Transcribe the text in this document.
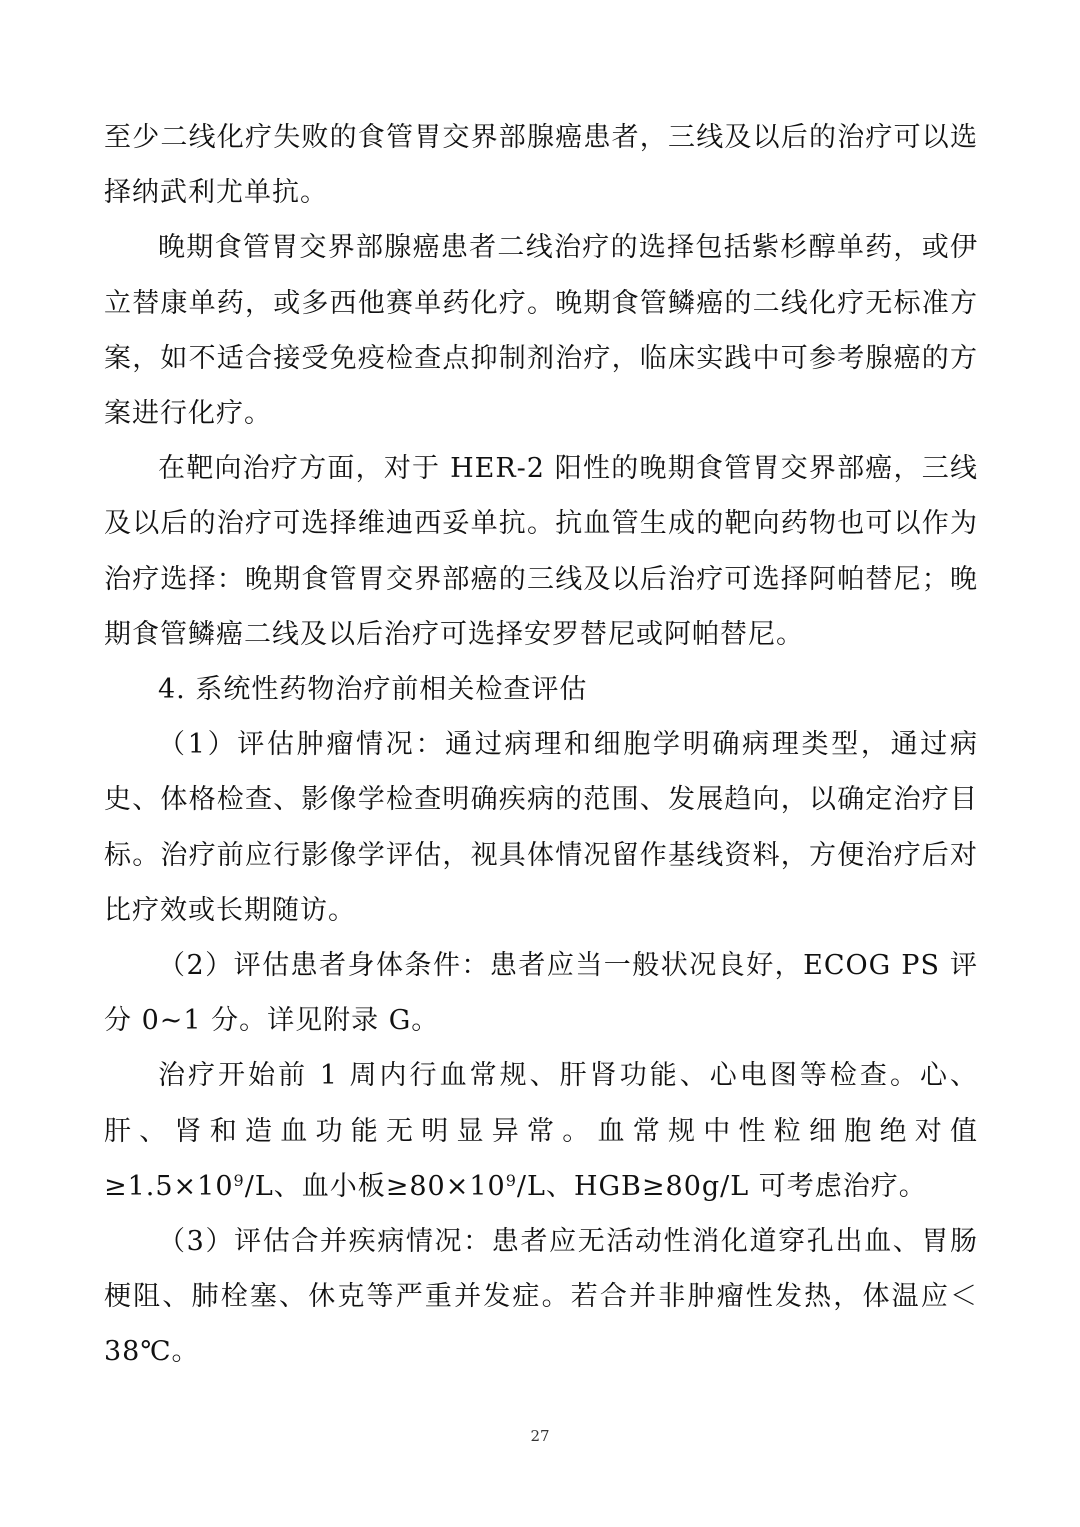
至少二线化疗失败的食管胃交界部腺癌患者，三线及以后的治疗可以选择纳武利尤单抗。

晚期食管胃交界部腺癌患者二线治疗的选择包括紫杉醇单药，或伊立替康单药，或多西他赛单药化疗。晚期食管鳞癌的二线化疗无标准方案，如不适合接受免疫检查点抑制剂治疗，临床实践中可参考腺癌的方案进行化疗。

在靶向治疗方面，对于 HER-2 阳性的晚期食管胃交界部癌，三线及以后的治疗可选择维迪西妥单抗。抗血管生成的靶向药物也可以作为治疗选择：晚期食管胃交界部癌的三线及以后治疗可选择阿帕替尼；晚期食管鳞癌二线及以后治疗可选择安罗替尼或阿帕替尼。

4. 系统性药物治疗前相关检查评估

（1）评估肿瘤情况：通过病理和细胞学明确病理类型，通过病史、体格检查、影像学检查明确疾病的范围、发展趋向，以确定治疗目标。治疗前应行影像学评估，视具体情况留作基线资料，方便治疗后对比疗效或长期随访。

（2）评估患者身体条件：患者应当一般状况良好，ECOG PS 评分 0~1 分。详见附录 G。

治疗开始前 1 周内行血常规、肝肾功能、心电图等检查。心、肝、肾和造血功能无明显异常。血常规中性粒细胞绝对值$\ge 1.5\times 10^9/L$、血小板$\ge 80\times 10^9/L$、HGB≥80g/L 可考虑治疗。

（3）评估合并疾病情况：患者应无活动性消化道穿孔出血、胃肠梗阻、肺栓塞、休克等严重并发症。若合并非肿瘤性发热，体温应＜38℃。

27
